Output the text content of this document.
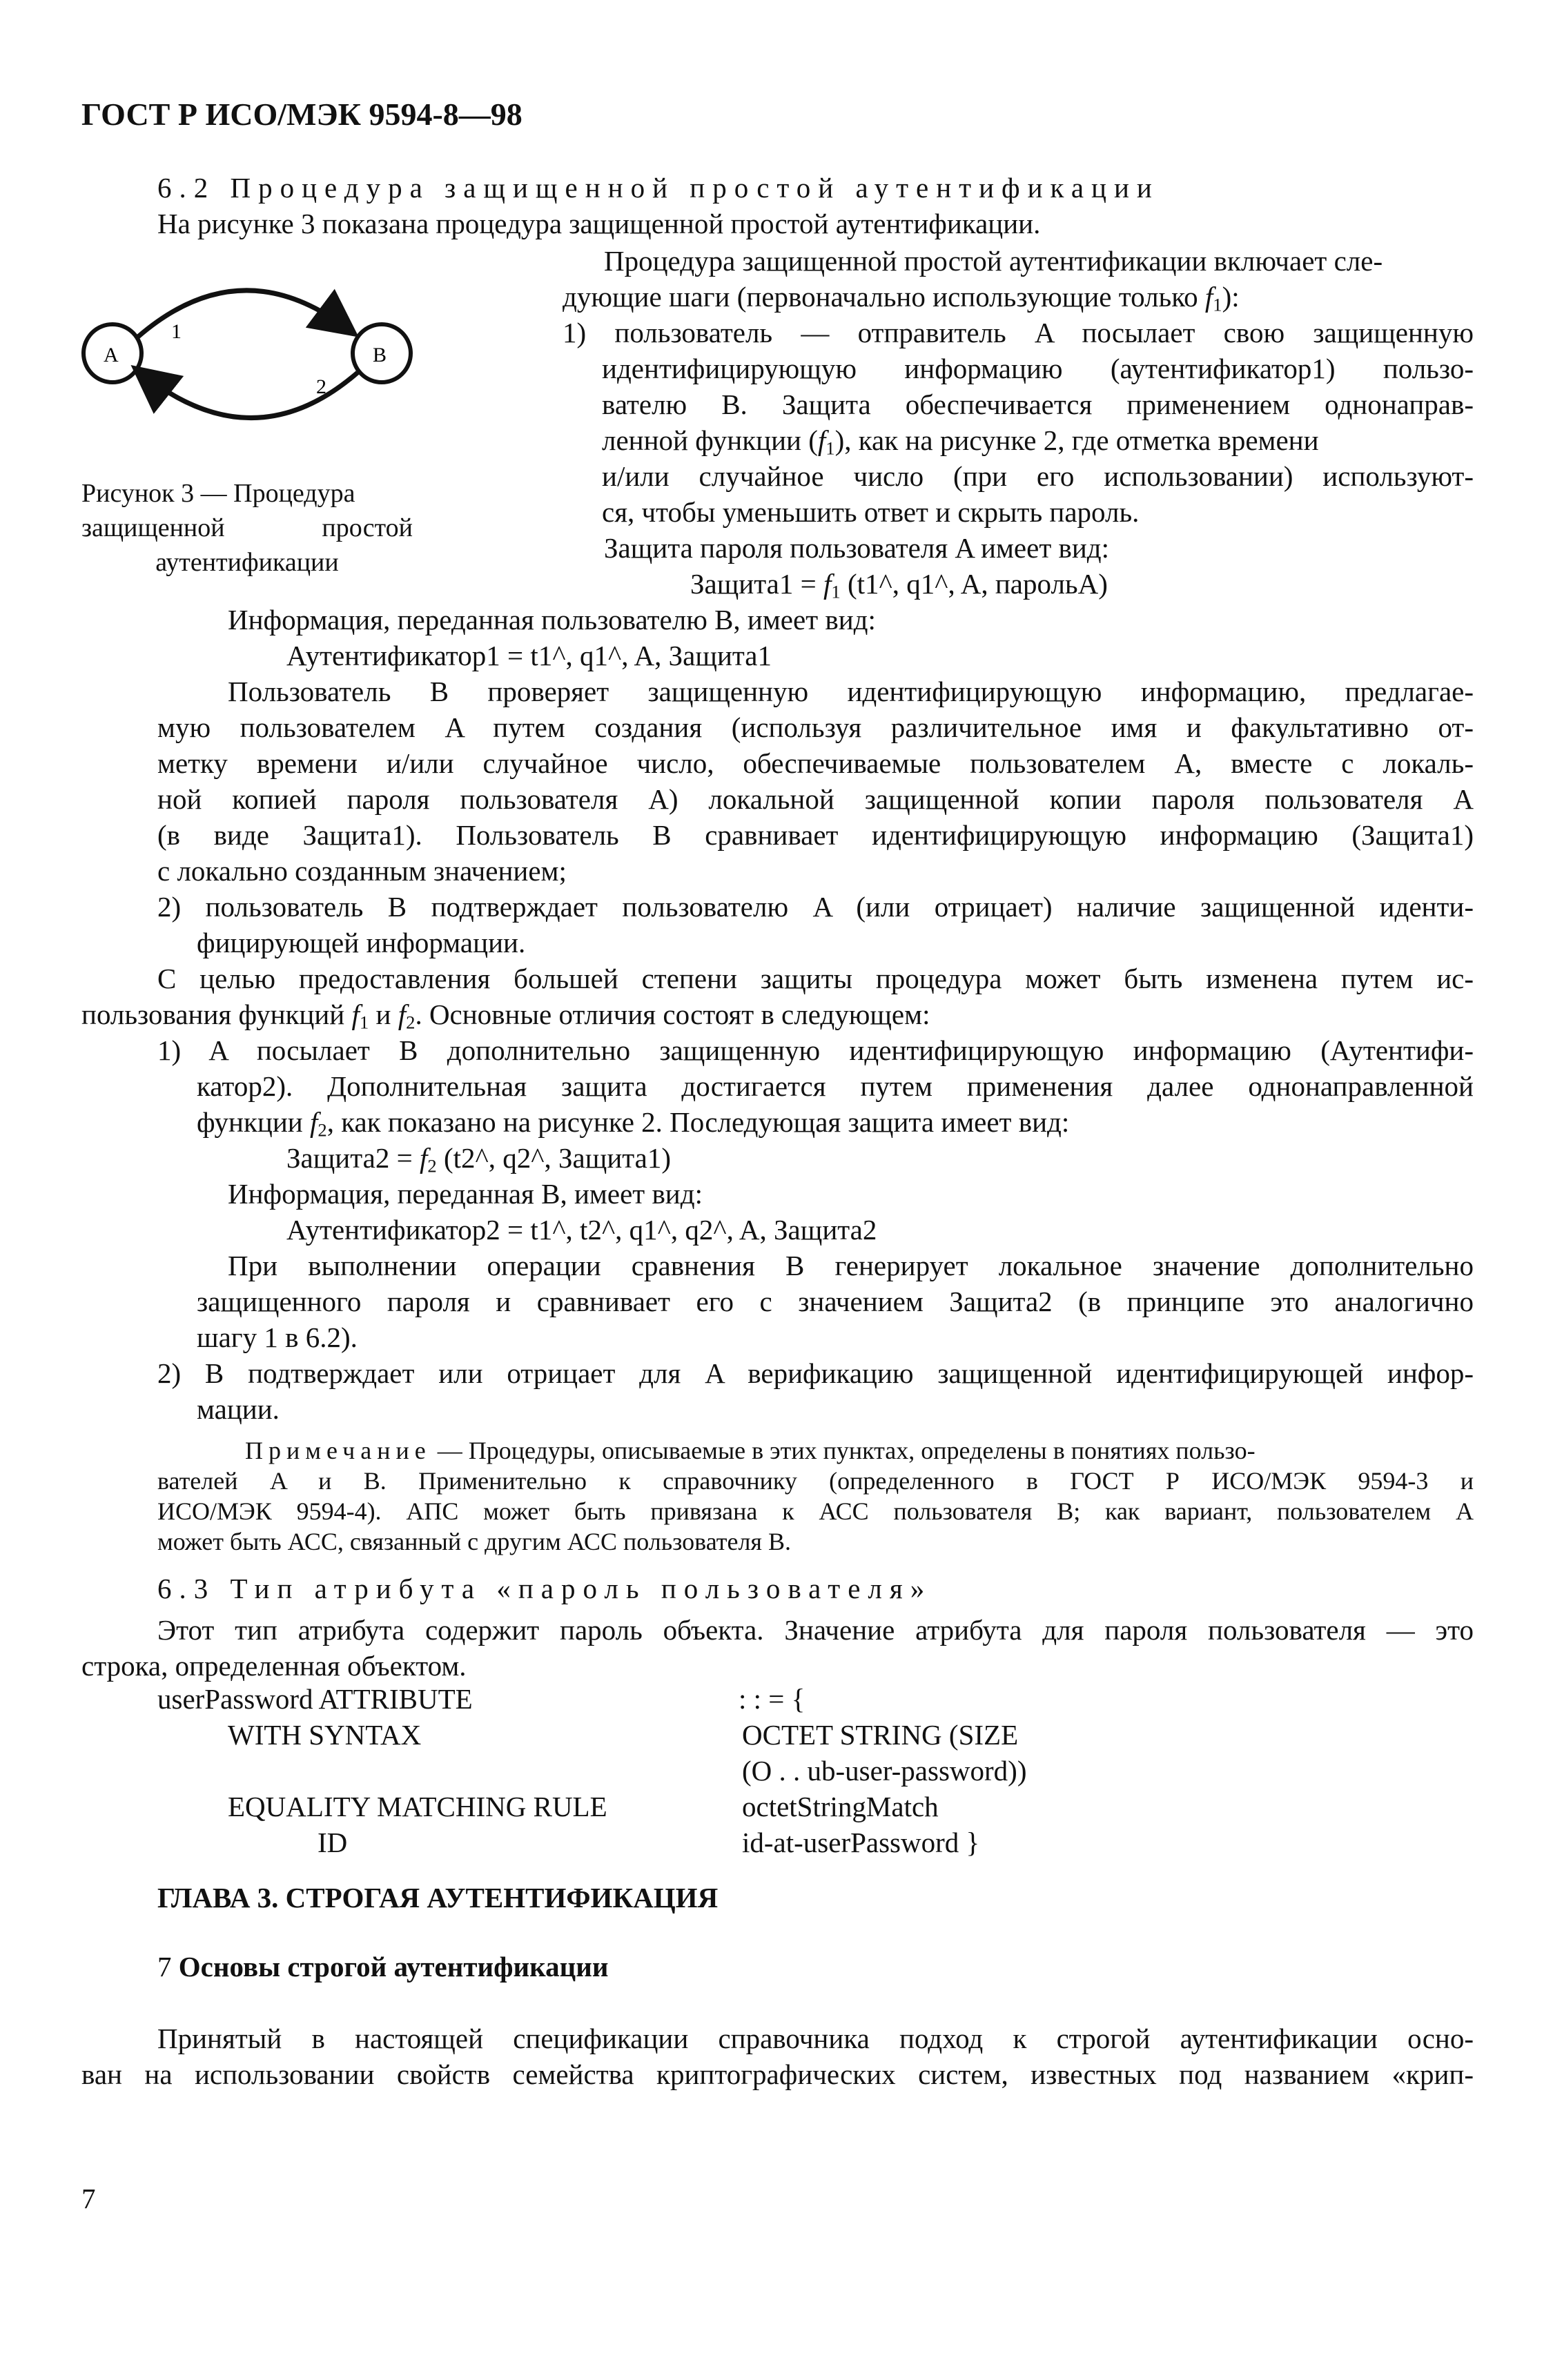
ГОСТ Р ИСО/МЭК 9594-8—98
6.2 Процедура защищенной простой аутентификации
На рисунке 3 показана процедура защищенной простой аутентификации.
A	B
1
2
Рисунок 3 — Процедура
защищенной простой
аутентификации
Процедура защищенной простой аутентификации включает сле-
дующие шаги (первоначально использующие только $f_1$):
1) пользователь — отправитель A посылает свою защищенную
идентифицирующую информацию (аутентификатор1) пользо-
вателю B. Защита обеспечивается применением однонаправ-
ленной функции $(f_1)$, как на рисунке 2, где отметка времени
и/или случайное число (при его использовании) используют-
ся, чтобы уменьшить ответ и скрыть пароль.
Защита пароля пользователя A имеет вид:
Защита1 = $f_1$ (t1^, q1^, A, парольA)
Информация, переданная пользователю B, имеет вид:
Аутентификатор1 = t1^, q1^, A, Защита1
Пользователь B проверяет защищенную идентифицирующую информацию, предлагае-
мую пользователем A путем создания (используя различительное имя и факультативно от-
метку времени и/или случайное число, обеспечиваемые пользователем A, вместе с локаль-
ной копией пароля пользователя A) локальной защищенной копии пароля пользователя A
(в виде Защита1). Пользователь B сравнивает идентифицирующую информацию (Защита1)
с локально созданным значением;
2) пользователь B подтверждает пользователю A (или отрицает) наличие защищенной иденти-
фицирующей информации.
С целью предоставления большей степени защиты процедура может быть изменена путем ис-
пользования функций $f_1$ и $f_2$. Основные отличия состоят в следующем:
1) A посылает B дополнительно защищенную идентифицирующую информацию (Аутентифи-
катор2). Дополнительная защита достигается путем применения далее однонаправленной
функции $f_2$, как показано на рисунке 2. Последующая защита имеет вид:
Защита2 = $f_2$ (t2^, q2^, Защита1)
Информация, переданная B, имеет вид:
Аутентификатор2 = t1^, t2^, q1^, q2^, A, Защита2
При выполнении операции сравнения B генерирует локальное значение дополнительно
защищенного пароля и сравнивает его с значением Защита2 (в принципе это аналогично
шагу 1 в 6.2).
2) B подтверждает или отрицает для A верификацию защищенной идентифицирующей инфор-
мации.
Примечание — Процедуры, описываемые в этих пунктах, определены в понятиях пользо-
вателей A и B. Применительно к справочнику (определенного в ГОСТ Р ИСО/МЭК 9594-3 и
ИСО/МЭК 9594-4). АПС может быть привязана к АСС пользователя B; как вариант, пользователем A
может быть АСС, связанный с другим АСС пользователя B.
6.3 Тип атрибута «пароль пользователя»
Этот тип атрибута содержит пароль объекта. Значение атрибута для пароля пользователя — это
строка, определенная объектом.
userPassword ATTRIBUTE	: : = {
WITH SYNTAX	OCTET STRING (SIZE
(O . . ub-user-password))
EQUALITY MATCHING RULE	octetStringMatch
ID	id-at-userPassword }
ГЛАВА 3. СТРОГАЯ АУТЕНТИФИКАЦИЯ
7 Основы строгой аутентификации
Принятый в настоящей спецификации справочника подход к строгой аутентификации осно-
ван на использовании свойств семейства криптографических систем, известных под названием «крип-
7
